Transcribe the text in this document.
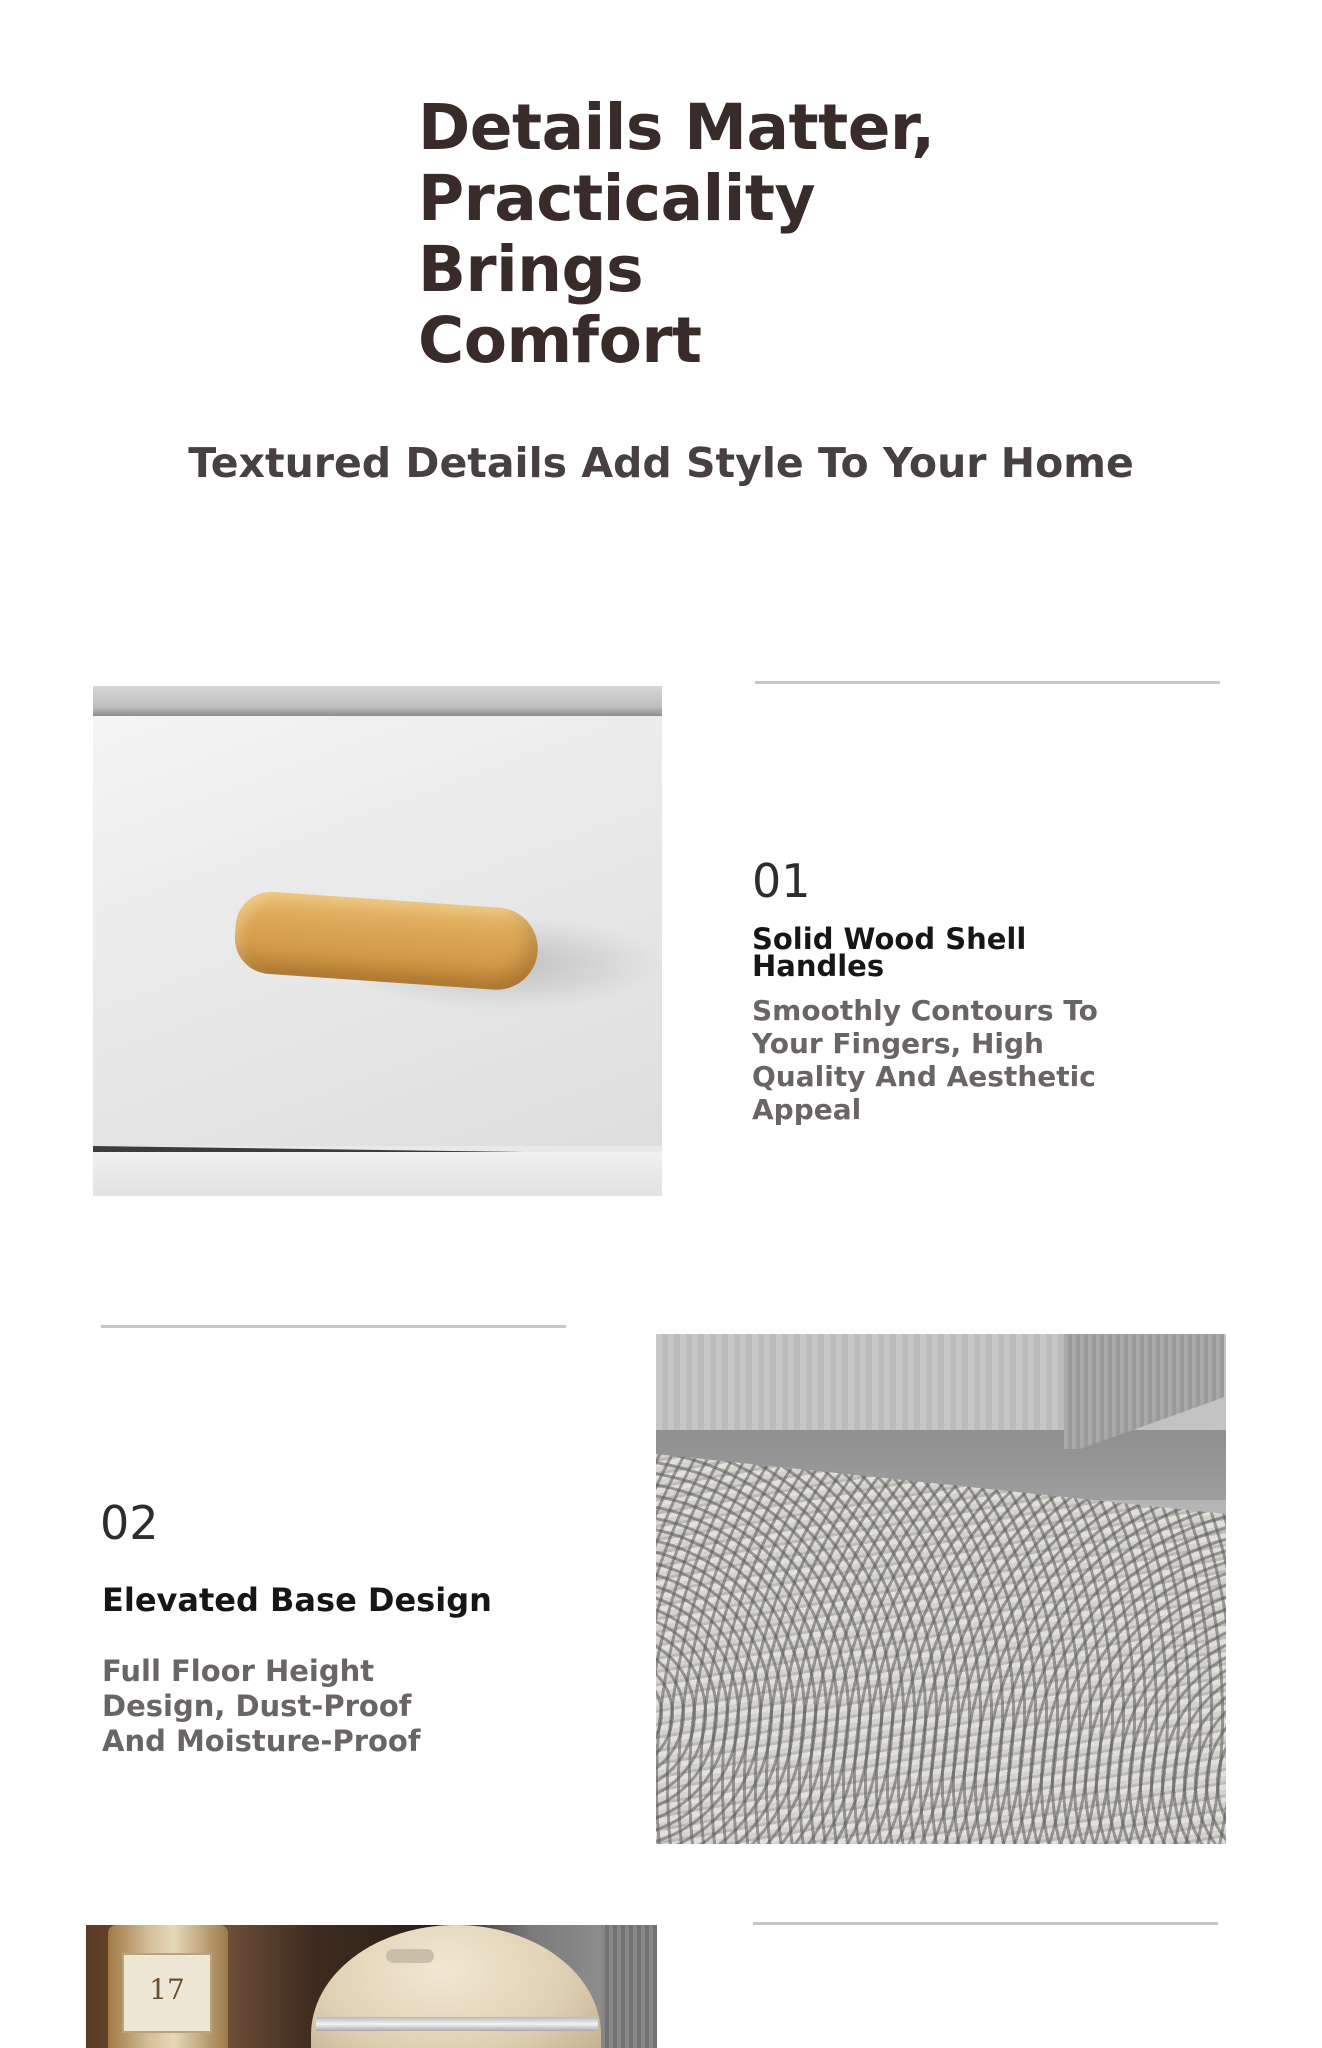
Details Matter,
Practicality
Brings
Comfort
Textured Details Add Style To Your Home
01
Solid Wood Shell
Handles
Smoothly Contours To
Your Fingers, High
Quality And Aesthetic
Appeal
02
Elevated Base Design
Full Floor Height
Design, Dust-Proof
And Moisture-Proof
17
